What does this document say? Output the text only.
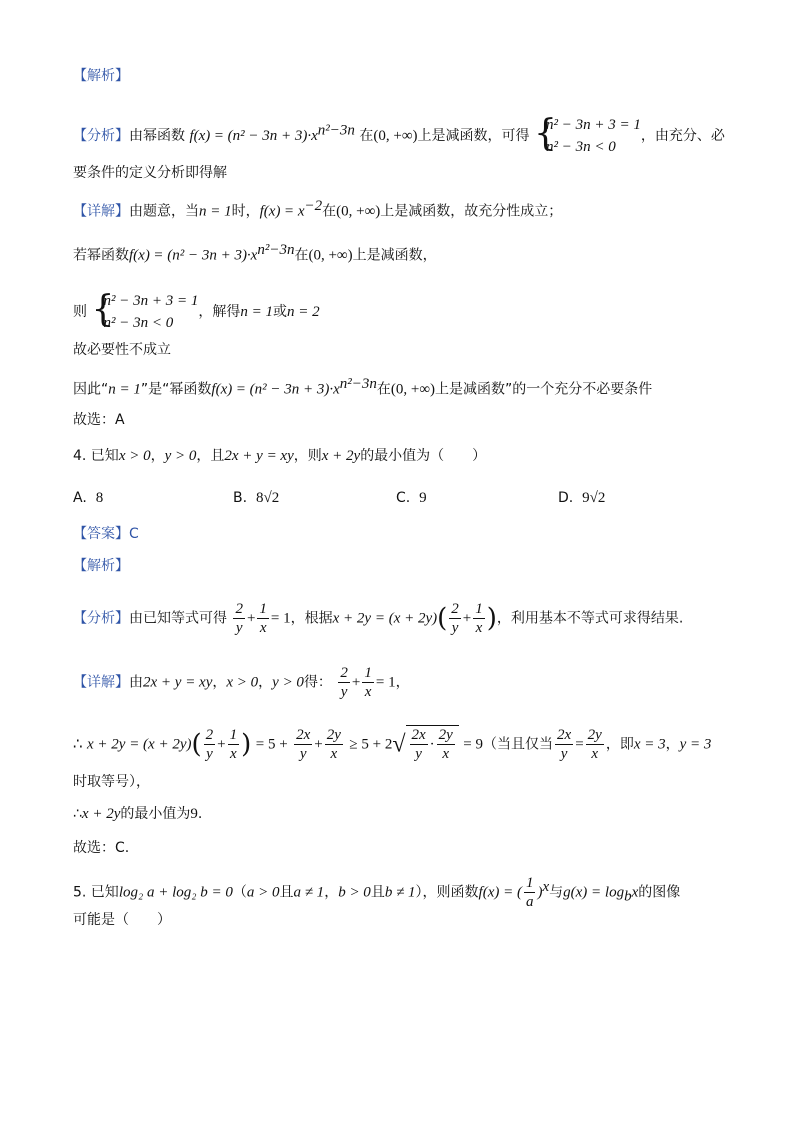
【解析】
【分析】由幂函数 $f(x) = (n^2 - 3n + 3)\cdot x^{n^2-3n}$ 在(0, +∞)上是减函数，可得 {
n² − 3n + 3 = 1
n² − 3n < 0
，由充分、必
要条件的定义分析即得解
【详解】由题意，当n = 1时，$f(x) = x^{-2}$在(0, +∞)上是减函数，故充分性成立；
若幂函数$f(x) = (n^2 - 3n + 3)\cdot x^{n^2-3n}$在(0, +∞)上是减函数，
则 {
n² − 3n + 3 = 1
n² − 3n < 0
，解得n = 1或n = 2
故必要性不成立
因此“n = 1”是“幂函数$f(x) = (n^2 - 3n + 3)\cdot x^{n^2-3n}$在(0, +∞)上是减函数”的一个充分不必要条件
故选：A
4. 已知x > 0，y > 0，且2x + y = xy，则x + 2y的最小值为（　　）
A. 8	B. 8√2	C. 9	D. 9√2
【答案】C
【解析】
【分析】由已知等式可得 $\frac{2}{y} + \frac{1}{x} = 1$，根据$x + 2y = (x + 2y)( \frac{2}{y} + \frac{1}{x}$ )，利用基本不等式可求得结果.
【详解】由2x + y = xy，x > 0，y > 0得： $\frac{2}{y} + \frac{1}{x} = 1$，
∴ $x + 2y = (x + 2y)( \frac{2}{y} + \frac{1}{x}$ ) = $5 + \frac{2x}{y} + \frac{2y}{x} \ge 5 + 2√ \frac{2x}{y} \cdot \frac{2y}{x} = 9$（当且仅当 $\frac{2x}{y} = \frac{2y}{x}$ ，即x = 3，y = 3
时取等号），
∴x + 2y的最小值为9.
故选：C.
5. 已知log₂ a + log₂ b = 0（a > 0且a ≠ 1，b > 0且b ≠ 1），则函数f(x) = ( $\frac{1}{a} )^x$与$g(x) = \log_bx$的图像
可能是（　　）
